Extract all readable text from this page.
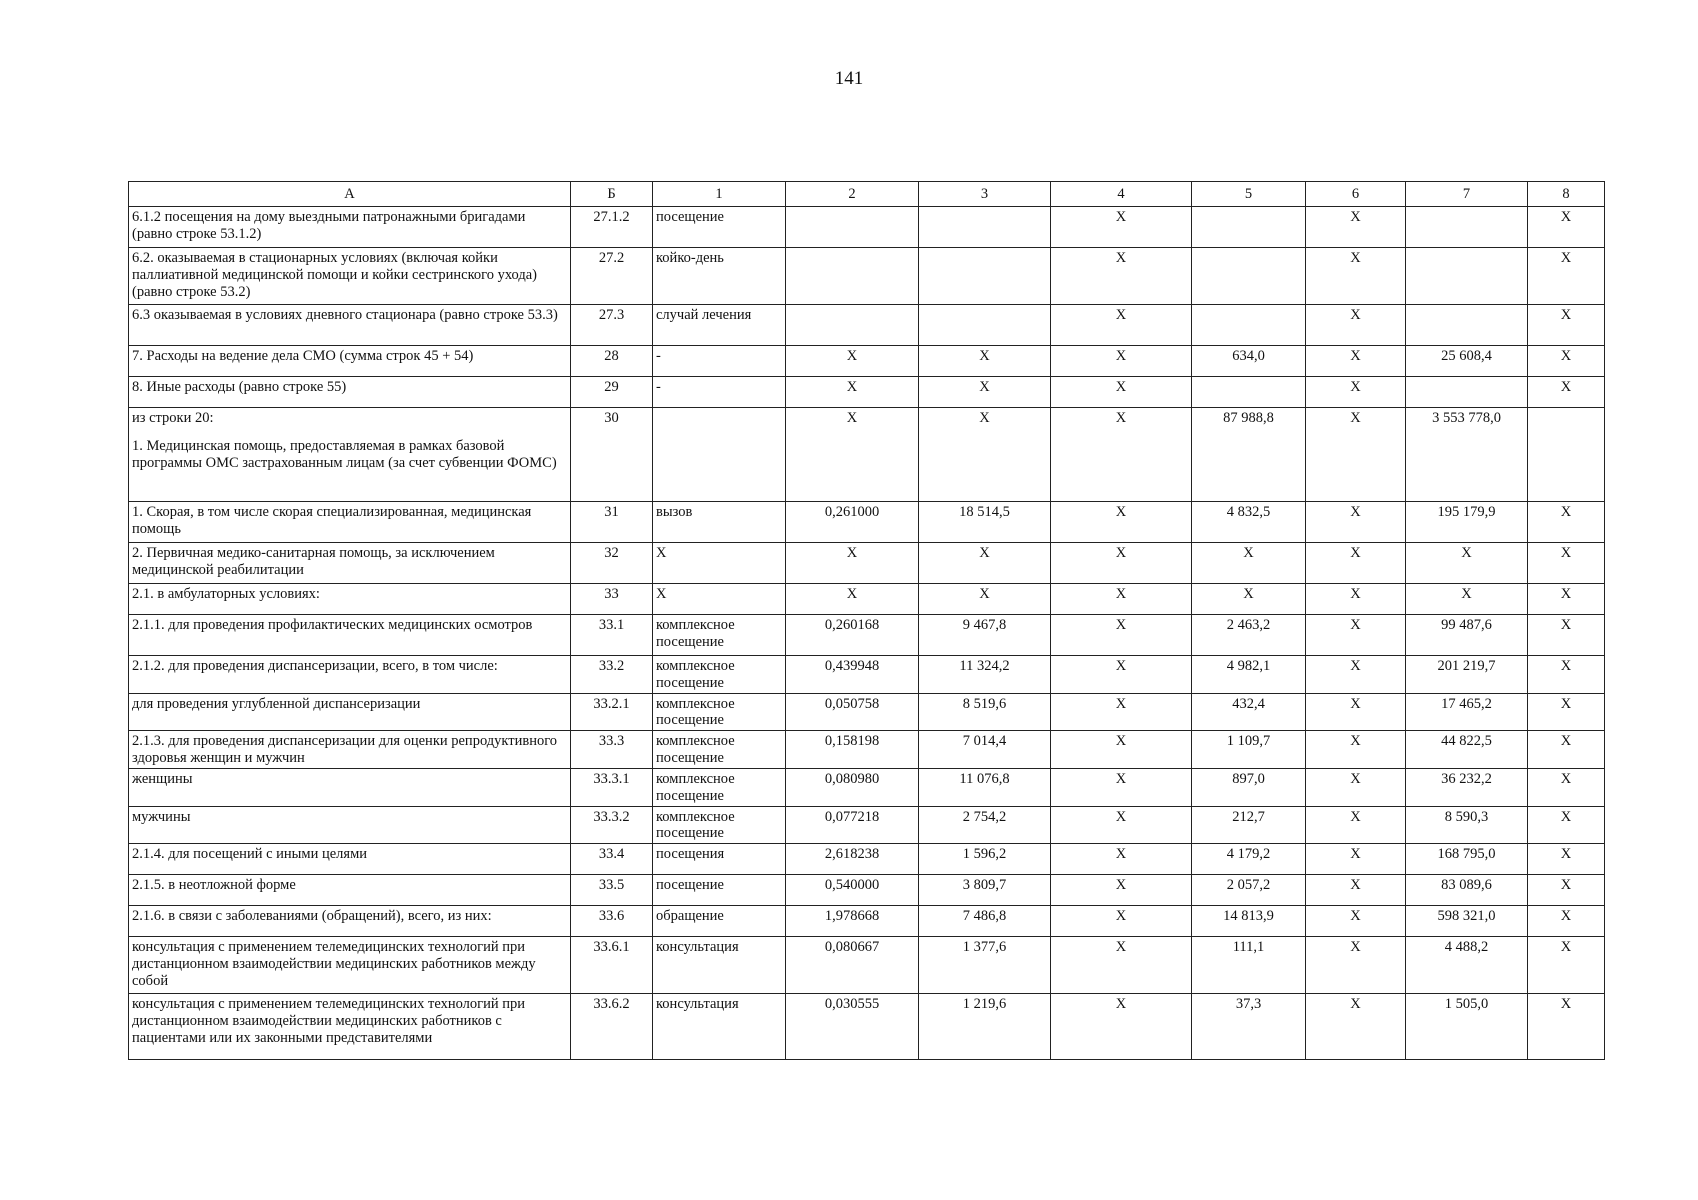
141
А	Б	1	2	3	4	5	6	7	8
6.1.2 посещения на дому выездными патронажными бригадами (равно строке 53.1.2)	27.1.2	посещение			X		X		X
6.2. оказываемая в стационарных условиях (включая койки паллиативной медицинской помощи и койки сестринского ухода) (равно строке 53.2)	27.2	койко-день			X		X		X
6.3 оказываемая в условиях дневного стационара (равно строке 53.3)	27.3	случай лечения			X		X		X
7. Расходы на ведение дела СМО (сумма строк 45 + 54)	28	-	X	X	X	634,0	X	25 608,4	X
8. Иные расходы (равно строке 55)	29	-	X	X	X		X		X

из строки 20:
1. Медицинская помощь, предоставляемая в рамках базовой программы ОМС застрахованным лицам (за счет субвенции ФОМС)	30		X	X	X	87 988,8	X	3 553 778,0	
1. Скорая, в том числе скорая специализированная, медицинская помощь	31	вызов	0,261000	18 514,5	X	4 832,5	X	195 179,9	X
2. Первичная медико-санитарная помощь, за исключением медицинской реабилитации	32	X	X	X	X	X	X	X	X
2.1. в амбулаторных условиях:	33	X	X	X	X	X	X	X	X
2.1.1. для проведения профилактических медицинских осмотров	33.1	комплексное посещение	0,260168	9 467,8	X	2 463,2	X	99 487,6	X
2.1.2. для проведения диспансеризации, всего, в том числе:	33.2	комплексное посещение	0,439948	11 324,2	X	4 982,1	X	201 219,7	X
для проведения углубленной диспансеризации	33.2.1	комплексное посещение	0,050758	8 519,6	X	432,4	X	17 465,2	X
2.1.3. для проведения диспансеризации для оценки репродуктивного здоровья женщин и мужчин	33.3	комплексное посещение	0,158198	7 014,4	X	1 109,7	X	44 822,5	X
женщины	33.3.1	комплексное посещение	0,080980	11 076,8	X	897,0	X	36 232,2	X
мужчины	33.3.2	комплексное посещение	0,077218	2 754,2	X	212,7	X	8 590,3	X
2.1.4. для посещений с иными целями	33.4	посещения	2,618238	1 596,2	X	4 179,2	X	168 795,0	X
2.1.5. в неотложной форме	33.5	посещение	0,540000	3 809,7	X	2 057,2	X	83 089,6	X
2.1.6. в связи с заболеваниями (обращений), всего, из них:	33.6	обращение	1,978668	7 486,8	X	14 813,9	X	598 321,0	X
консультация с применением телемедицинских технологий при дистанционном взаимодействии медицинских работников между собой	33.6.1	консультация	0,080667	1 377,6	X	111,1	X	4 488,2	X
консультация с применением телемедицинских технологий при дистанционном взаимодействии медицинских работников с пациентами или их законными представителями	33.6.2	консультация	0,030555	1 219,6	X	37,3	X	1 505,0	X
